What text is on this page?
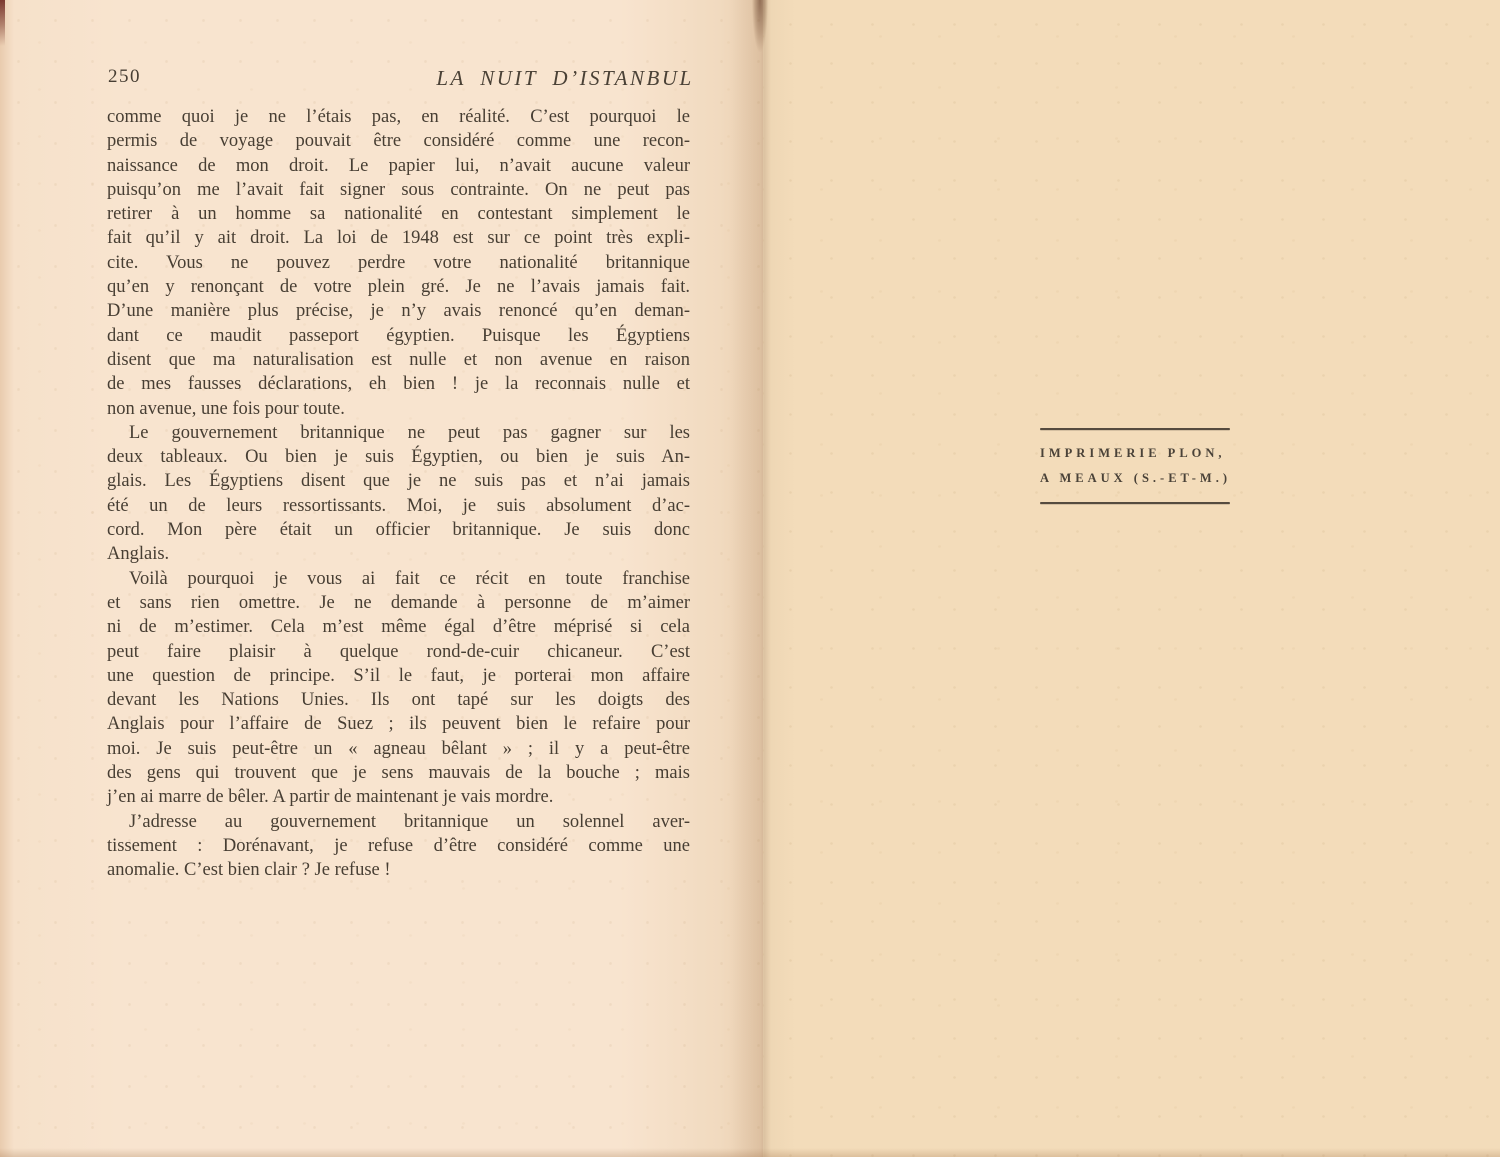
250	LA NUIT D’ISTANBUL
comme quoi je ne l’étais pas, en réalité. C’est pourquoi le
permis de voyage pouvait être considéré comme une recon-
naissance de mon droit. Le papier lui, n’avait aucune valeur
puisqu’on me l’avait fait signer sous contrainte. On ne peut pas
retirer à un homme sa nationalité en contestant simplement le
fait qu’il y ait droit. La loi de 1948 est sur ce point très expli-
cite. Vous ne pouvez perdre votre nationalité britannique
qu’en y renonçant de votre plein gré. Je ne l’avais jamais fait.
D’une manière plus précise, je n’y avais renoncé qu’en deman-
dant ce maudit passeport égyptien. Puisque les Égyptiens
disent que ma naturalisation est nulle et non avenue en raison
de mes fausses déclarations, eh bien ! je la reconnais nulle et
non avenue, une fois pour toute.
Le gouvernement britannique ne peut pas gagner sur les
deux tableaux. Ou bien je suis Égyptien, ou bien je suis An-
glais. Les Égyptiens disent que je ne suis pas et n’ai jamais
été un de leurs ressortissants. Moi, je suis absolument d’ac-
cord. Mon père était un officier britannique. Je suis donc
Anglais.
Voilà pourquoi je vous ai fait ce récit en toute franchise
et sans rien omettre. Je ne demande à personne de m’aimer
ni de m’estimer. Cela m’est même égal d’être méprisé si cela
peut faire plaisir à quelque rond-de-cuir chicaneur. C’est
une question de principe. S’il le faut, je porterai mon affaire
devant les Nations Unies. Ils ont tapé sur les doigts des
Anglais pour l’affaire de Suez ; ils peuvent bien le refaire pour
moi. Je suis peut-être un « agneau bêlant » ; il y a peut-être
des gens qui trouvent que je sens mauvais de la bouche ; mais
j’en ai marre de bêler. A partir de maintenant je vais mordre.
J’adresse au gouvernement britannique un solennel aver-
tissement : Dorénavant, je refuse d’être considéré comme une
anomalie. C’est bien clair ? Je refuse !
IMPRIMERIE PLON,
A MEAUX (S.-ET-M.)
